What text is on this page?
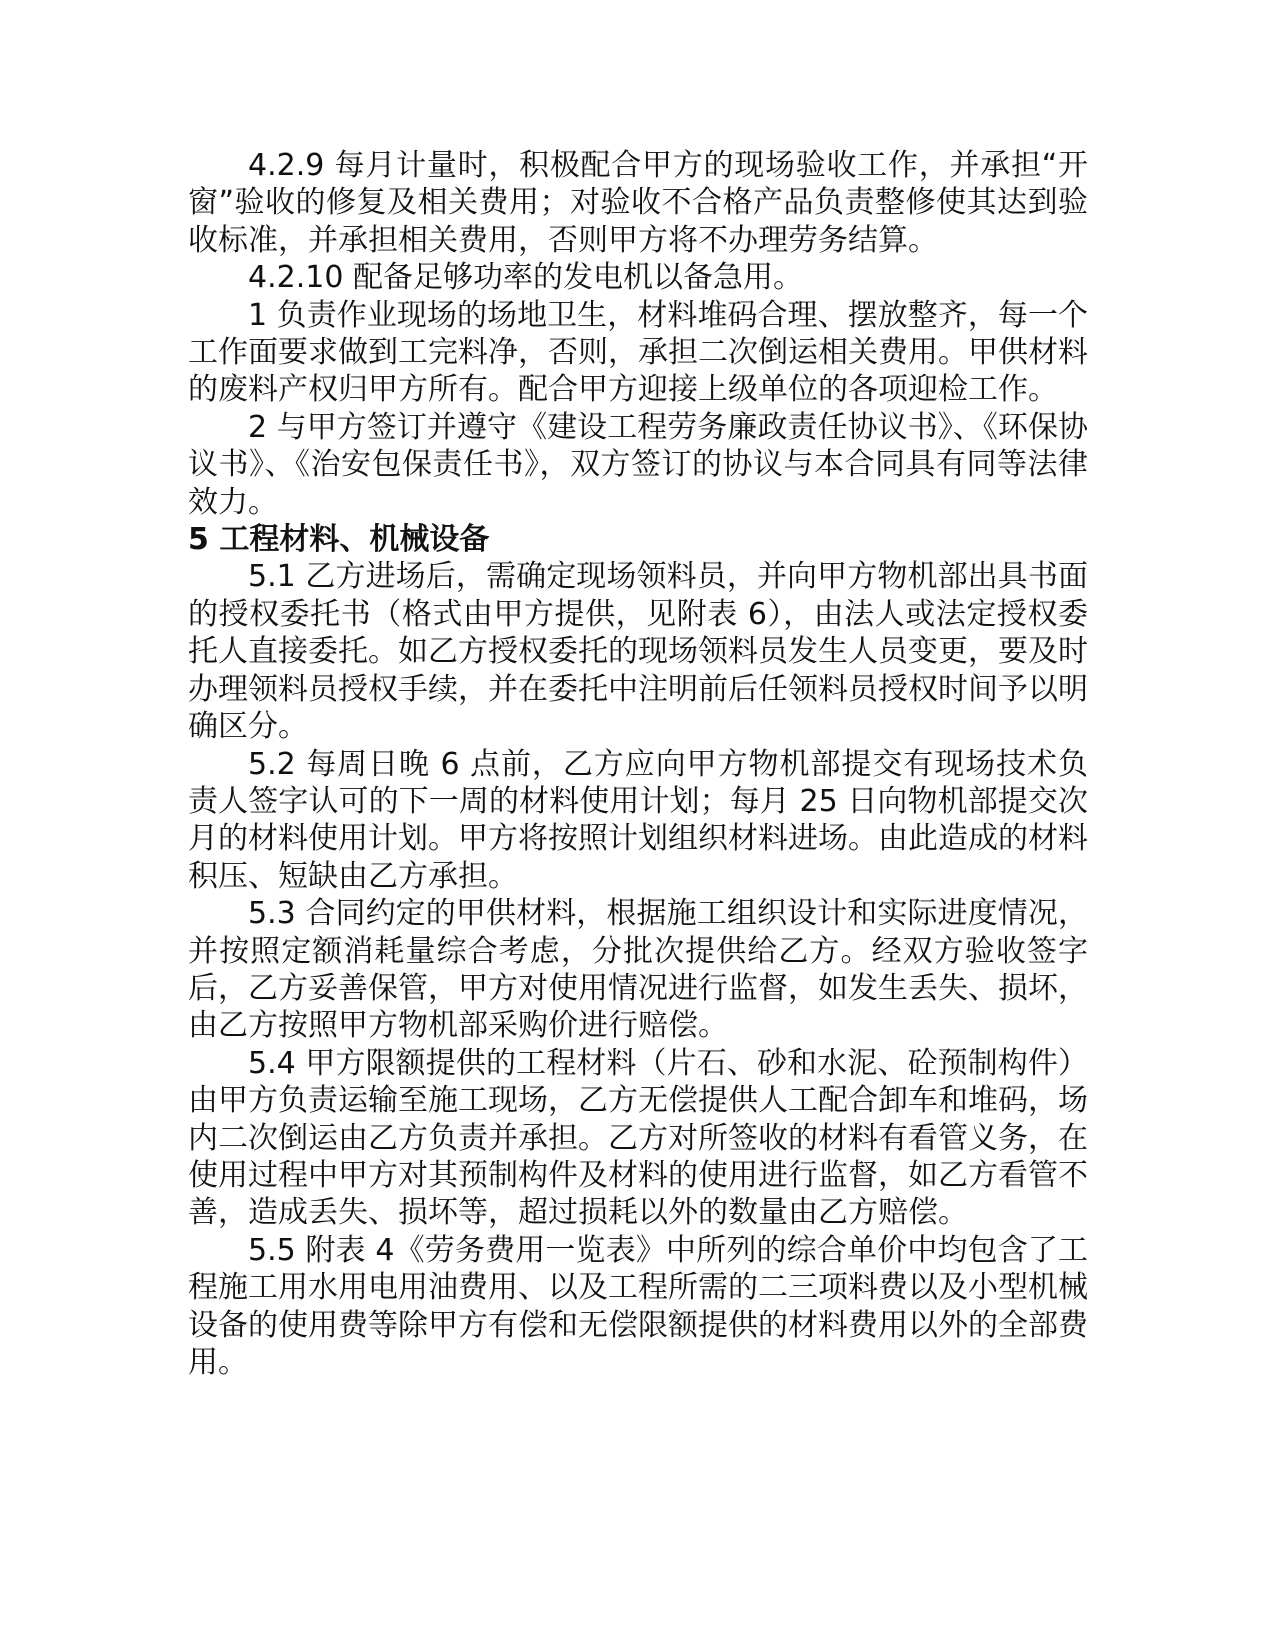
4.2.9 每月计量时，积极配合甲方的现场验收工作，并承担“开窗”验收的修复及相关费用；对验收不合格产品负责整修使其达到验收标准，并承担相关费用，否则甲方将不办理劳务结算。

4.2.10 配备足够功率的发电机以备急用。

1 负责作业现场的场地卫生，材料堆码合理、摆放整齐，每一个工作面要求做到工完料净，否则，承担二次倒运相关费用。甲供材料的废料产权归甲方所有。配合甲方迎接上级单位的各项迎检工作。

2 与甲方签订并遵守《建设工程劳务廉政责任协议书》、《环保协议书》、《治安包保责任书》，双方签订的协议与本合同具有同等法律效力。

5 工程材料、机械设备

5.1 乙方进场后，需确定现场领料员，并向甲方物机部出具书面的授权委托书（格式由甲方提供，见附表 6），由法人或法定授权委托人直接委托。如乙方授权委托的现场领料员发生人员变更，要及时办理领料员授权手续，并在委托中注明前后任领料员授权时间予以明确区分。

5.2 每周日晚 6 点前，乙方应向甲方物机部提交有现场技术负责人签字认可的下一周的材料使用计划；每月 25 日向物机部提交次月的材料使用计划。甲方将按照计划组织材料进场。由此造成的材料积压、短缺由乙方承担。

5.3 合同约定的甲供材料，根据施工组织设计和实际进度情况，并按照定额消耗量综合考虑，分批次提供给乙方。经双方验收签字后，乙方妥善保管，甲方对使用情况进行监督，如发生丢失、损坏，由乙方按照甲方物机部采购价进行赔偿。

5.4 甲方限额提供的工程材料（片石、砂和水泥、砼预制构件）由甲方负责运输至施工现场，乙方无偿提供人工配合卸车和堆码，场内二次倒运由乙方负责并承担。乙方对所签收的材料有看管义务，在使用过程中甲方对其预制构件及材料的使用进行监督，如乙方看管不善，造成丢失、损坏等，超过损耗以外的数量由乙方赔偿。

5.5 附表 4《劳务费用一览表》中所列的综合单价中均包含了工程施工用水用电用油费用、以及工程所需的二三项料费以及小型机械设备的使用费等除甲方有偿和无偿限额提供的材料费用以外的全部费用。
